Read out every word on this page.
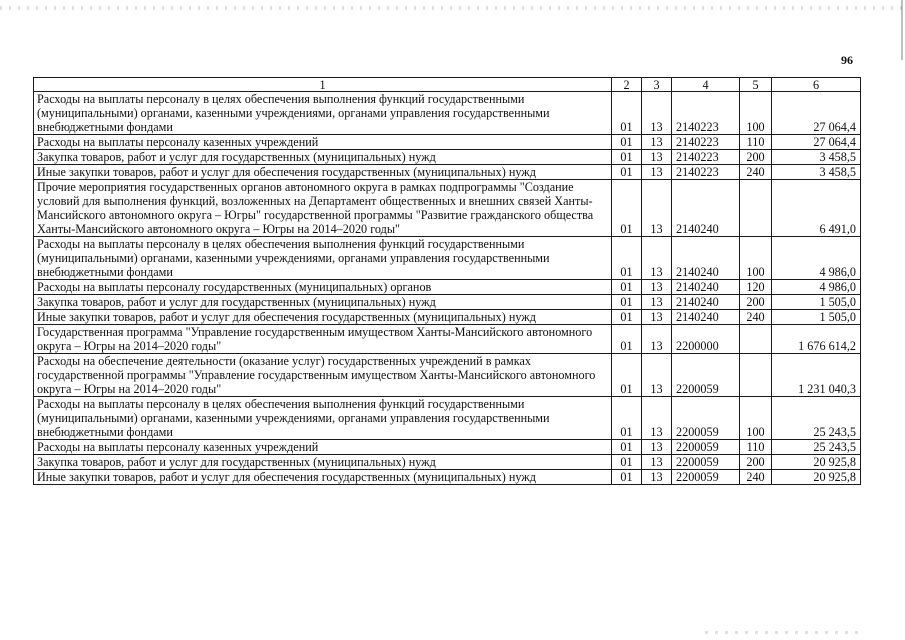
96
1	2	3	4	5	6
Расходы на выплаты персоналу в целях обеспечения выполнения функций государственными (муниципальными) органами, казенными учреждениями, органами управления государственными внебюджетными фондами	01	13	2140223	100	27 064,4
Расходы на выплаты персоналу казенных учреждений	01	13	2140223	110	27 064,4
Закупка товаров, работ и услуг для государственных (муниципальных) нужд	01	13	2140223	200	3 458,5
Иные закупки товаров, работ и услуг для обеспечения государственных (муниципальных) нужд	01	13	2140223	240	3 458,5
Прочие мероприятия государственных органов автономного округа в рамках подпрограммы "Создание условий для выполнения функций, возложенных на Департамент общественных и внешних связей Ханты-Мансийского автономного округа – Югры" государственной программы "Развитие гражданского общества Ханты-Мансийского автономного округа – Югры на 2014–2020 годы"	01	13	2140240		6 491,0
Расходы на выплаты персоналу в целях обеспечения выполнения функций государственными (муниципальными) органами, казенными учреждениями, органами управления государственными внебюджетными фондами	01	13	2140240	100	4 986,0
Расходы на выплаты персоналу государственных (муниципальных) органов	01	13	2140240	120	4 986,0
Закупка товаров, работ и услуг для государственных (муниципальных) нужд	01	13	2140240	200	1 505,0
Иные закупки товаров, работ и услуг для обеспечения государственных (муниципальных) нужд	01	13	2140240	240	1 505,0
Государственная программа "Управление государственным имуществом Ханты-Мансийского автономного округа – Югры на 2014–2020 годы"	01	13	2200000		1 676 614,2
Расходы на обеспечение деятельности (оказание услуг) государственных учреждений в рамках государственной программы "Управление государственным имуществом Ханты-Мансийского автономного округа – Югры на 2014–2020 годы"	01	13	2200059		1 231 040,3
Расходы на выплаты персоналу в целях обеспечения выполнения функций государственными (муниципальными) органами, казенными учреждениями, органами управления государственными внебюджетными фондами	01	13	2200059	100	25 243,5
Расходы на выплаты персоналу казенных учреждений	01	13	2200059	110	25 243,5
Закупка товаров, работ и услуг для государственных (муниципальных) нужд	01	13	2200059	200	20 925,8
Иные закупки товаров, работ и услуг для обеспечения государственных (муниципальных) нужд	01	13	2200059	240	20 925,8
